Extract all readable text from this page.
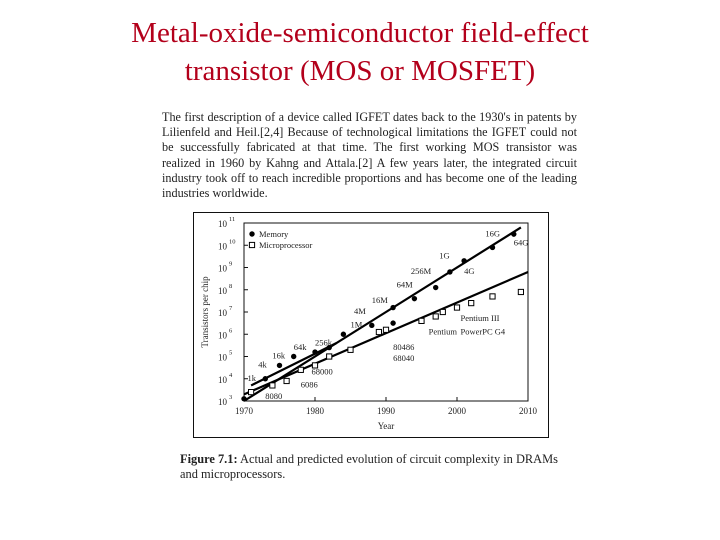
Metal-oxide-semiconductor field-effect
transistor (MOS or MOSFET)
The first description of a device called IGFET dates back to the 1930's in patents by Lilienfeld and Heil.[2,4] Because of technological limitations the IGFET could not be successfully fabricated at that time. The first working MOS transistor was realized in 1960 by Kahng and Attala.[2] A few years later, the integrated circuit industry took off to reach incredible proportions and has become one of the leading industries worldwide.
10 3
10 4
10 5
10 6
10 7
10 8
10 9
10 10
10 11
1970	1980	1990	2000	2010
Year
Transistors per chip
16G
64G
1G
4G
256M
64M
16M
4M
1M
256k
64k
16k
4k
1k
Pentium III
PowerPC G4
Pentium
80486
68040
68000
6086
8080
Memory
Microprocessor
Figure 7.1: Actual and predicted evolution of circuit complexity in DRAMs and microprocessors.
